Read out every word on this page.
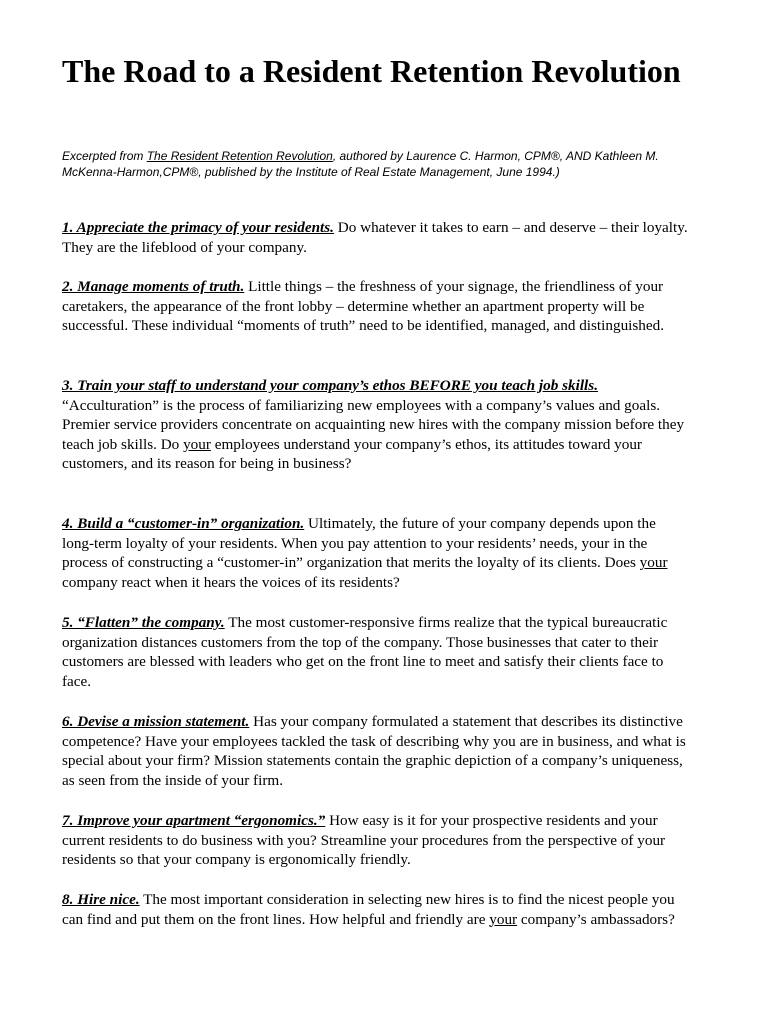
The Road to a Resident Retention Revolution

Excerpted from The Resident Retention Revolution, authored by Laurence C. Harmon, CPM®, AND Kathleen M. McKenna-Harmon,CPM®, published by the Institute of Real Estate Management, June 1994.)

1. Appreciate the primacy of your residents. Do whatever it takes to earn – and deserve – their loyalty. They are the lifeblood of your company.

2. Manage moments of truth. Little things – the freshness of your signage, the friendliness of your caretakers, the appearance of the front lobby – determine whether an apartment property will be successful. These individual “moments of truth” need to be identified, managed, and distinguished.

3. Train your staff to understand your company’s ethos BEFORE you teach job skills. “Acculturation” is the process of familiarizing new employees with a company’s values and goals. Premier service providers concentrate on acquainting new hires with the company mission before they teach job skills. Do your employees understand your company’s ethos, its attitudes toward your customers, and its reason for being in business?

4. Build a “customer-in” organization. Ultimately, the future of your company depends upon the long-term loyalty of your residents. When you pay attention to your residents’ needs, your in the process of constructing a “customer-in” organization that merits the loyalty of its clients. Does your company react when it hears the voices of its residents?

5. “Flatten” the company. The most customer-responsive firms realize that the typical bureaucratic organization distances customers from the top of the company. Those businesses that cater to their customers are blessed with leaders who get on the front line to meet and satisfy their clients face to face.

6. Devise a mission statement. Has your company formulated a statement that describes its distinctive competence? Have your employees tackled the task of describing why you are in business, and what is special about your firm? Mission statements contain the graphic depiction of a company’s uniqueness, as seen from the inside of your firm.

7. Improve your apartment “ergonomics.” How easy is it for your prospective residents and your current residents to do business with you? Streamline your procedures from the perspective of your residents so that your company is ergonomically friendly.

8. Hire nice. The most important consideration in selecting new hires is to find the nicest people you can find and put them on the front lines. How helpful and friendly are your company’s ambassadors?
